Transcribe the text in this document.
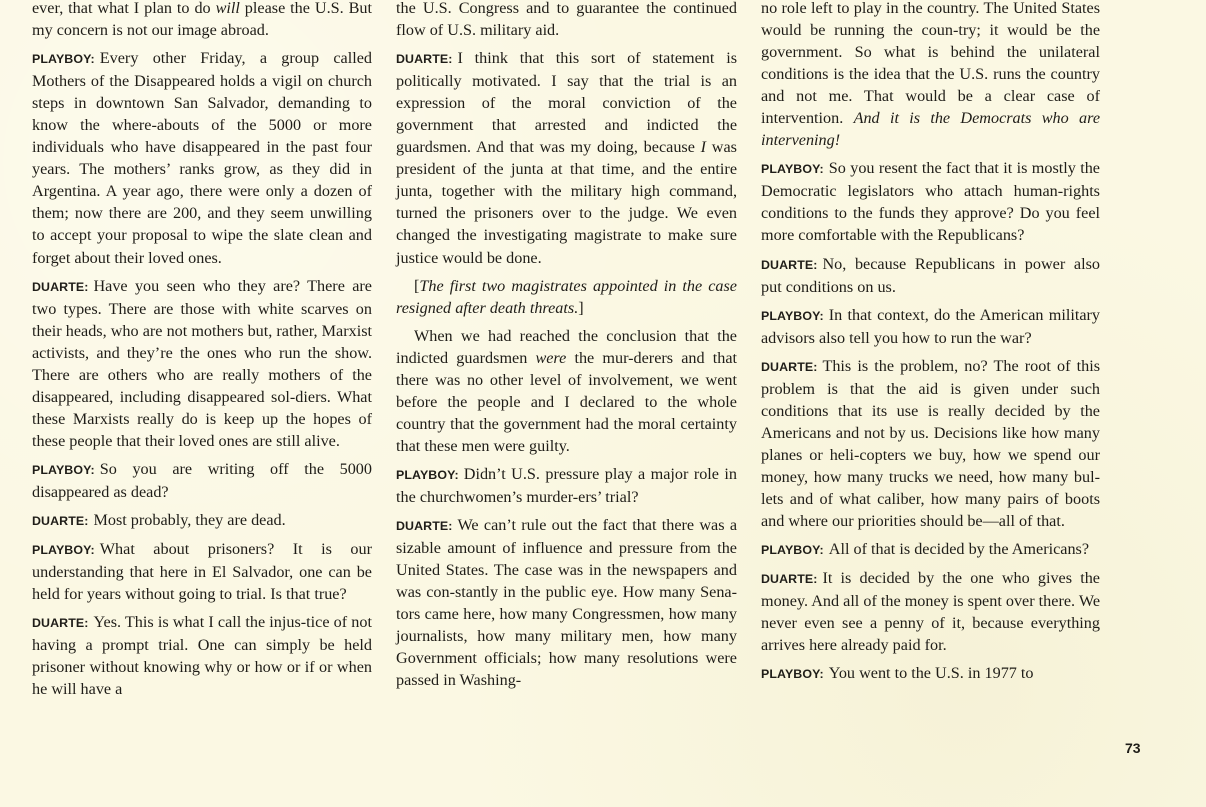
ever, that what I plan to do will please the U.S. But my concern is not our image abroad.

PLAYBOY: Every other Friday, a group called Mothers of the Disappeared holds a vigil on church steps in downtown San Salvador, demanding to know the where-abouts of the 5000 or more individuals who have disappeared in the past four years. The mothers’ ranks grow, as they did in Argentina. A year ago, there were only a dozen of them; now there are 200, and they seem unwilling to accept your proposal to wipe the slate clean and forget about their loved ones.

DUARTE: Have you seen who they are? There are two types. There are those with white scarves on their heads, who are not mothers but, rather, Marxist activists, and they’re the ones who run the show. There are others who are really mothers of the disappeared, including disappeared sol-diers. What these Marxists really do is keep up the hopes of these people that their loved ones are still alive.

PLAYBOY: So you are writing off the 5000 disappeared as dead?

DUARTE: Most probably, they are dead.

PLAYBOY: What about prisoners? It is our understanding that here in El Salvador, one can be held for years without going to trial. Is that true?

DUARTE: Yes. This is what I call the injus-tice of not having a prompt trial. One can simply be held prisoner without knowing why or how or if or when he will have a

the U.S. Congress and to guarantee the continued flow of U.S. military aid.

DUARTE: I think that this sort of statement is politically motivated. I say that the trial is an expression of the moral conviction of the government that arrested and indicted the guardsmen. And that was my doing, because I was president of the junta at that time, and the entire junta, together with the military high command, turned the prisoners over to the judge. We even changed the investigating magistrate to make sure justice would be done.

[The first two magistrates appointed in the case resigned after death threats.]

When we had reached the conclusion that the indicted guardsmen were the mur-derers and that there was no other level of involvement, we went before the people and I declared to the whole country that the government had the moral certainty that these men were guilty.

PLAYBOY: Didn’t U.S. pressure play a major role in the churchwomen’s murder-ers’ trial?

DUARTE: We can’t rule out the fact that there was a sizable amount of influence and pressure from the United States. The case was in the newspapers and was con-stantly in the public eye. How many Sena-tors came here, how many Congressmen, how many journalists, how many military men, how many Government officials; how many resolutions were passed in Washing-

no role left to play in the country. The United States would be running the coun-try; it would be the government. So what is behind the unilateral conditions is the idea that the U.S. runs the country and not me. That would be a clear case of intervention. And it is the Democrats who are intervening!

PLAYBOY: So you resent the fact that it is mostly the Democratic legislators who attach human-rights conditions to the funds they approve? Do you feel more comfortable with the Republicans?

DUARTE: No, because Republicans in power also put conditions on us.

PLAYBOY: In that context, do the American military advisors also tell you how to run the war?

DUARTE: This is the problem, no? The root of this problem is that the aid is given under such conditions that its use is really decided by the Americans and not by us. Decisions like how many planes or heli-copters we buy, how we spend our money, how many trucks we need, how many bul-lets and of what caliber, how many pairs of boots and where our priorities should be—all of that.

PLAYBOY: All of that is decided by the Americans?

DUARTE: It is decided by the one who gives the money. And all of the money is spent over there. We never even see a penny of it, because everything arrives here already paid for.

PLAYBOY: You went to the U.S. in 1977 to

73
